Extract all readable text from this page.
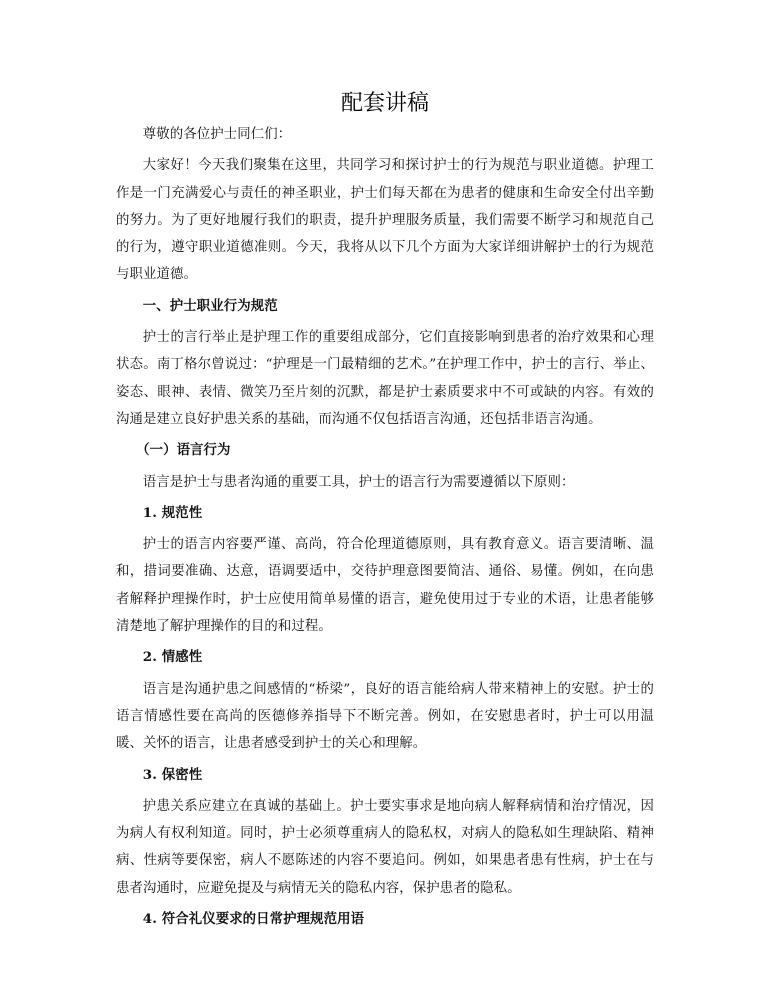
配套讲稿

尊敬的各位护士同仁们：

大家好！今天我们聚集在这里，共同学习和探讨护士的行为规范与职业道德。护理工作是一门充满爱心与责任的神圣职业，护士们每天都在为患者的健康和生命安全付出辛勤的努力。为了更好地履行我们的职责，提升护理服务质量，我们需要不断学习和规范自己的行为，遵守职业道德准则。今天，我将从以下几个方面为大家详细讲解护士的行为规范与职业道德。

一、护士职业行为规范

护士的言行举止是护理工作的重要组成部分，它们直接影响到患者的治疗效果和心理状态。南丁格尔曾说过：“护理是一门最精细的艺术。”在护理工作中，护士的言行、举止、姿态、眼神、表情、微笑乃至片刻的沉默，都是护士素质要求中不可或缺的内容。有效的沟通是建立良好护患关系的基础，而沟通不仅包括语言沟通，还包括非语言沟通。

（一）语言行为

语言是护士与患者沟通的重要工具，护士的语言行为需要遵循以下原则：

1. 规范性

护士的语言内容要严谨、高尚，符合伦理道德原则，具有教育意义。语言要清晰、温和，措词要准确、达意，语调要适中，交待护理意图要简洁、通俗、易懂。例如，在向患者解释护理操作时，护士应使用简单易懂的语言，避免使用过于专业的术语，让患者能够清楚地了解护理操作的目的和过程。

2. 情感性

语言是沟通护患之间感情的“桥梁”，良好的语言能给病人带来精神上的安慰。护士的语言情感性要在高尚的医德修养指导下不断完善。例如，在安慰患者时，护士可以用温暖、关怀的语言，让患者感受到护士的关心和理解。

3. 保密性

护患关系应建立在真诚的基础上。护士要实事求是地向病人解释病情和治疗情况，因为病人有权利知道。同时，护士必须尊重病人的隐私权，对病人的隐私如生理缺陷、精神病、性病等要保密，病人不愿陈述的内容不要追问。例如，如果患者患有性病，护士在与患者沟通时，应避免提及与病情无关的隐私内容，保护患者的隐私。

4. 符合礼仪要求的日常护理规范用语
